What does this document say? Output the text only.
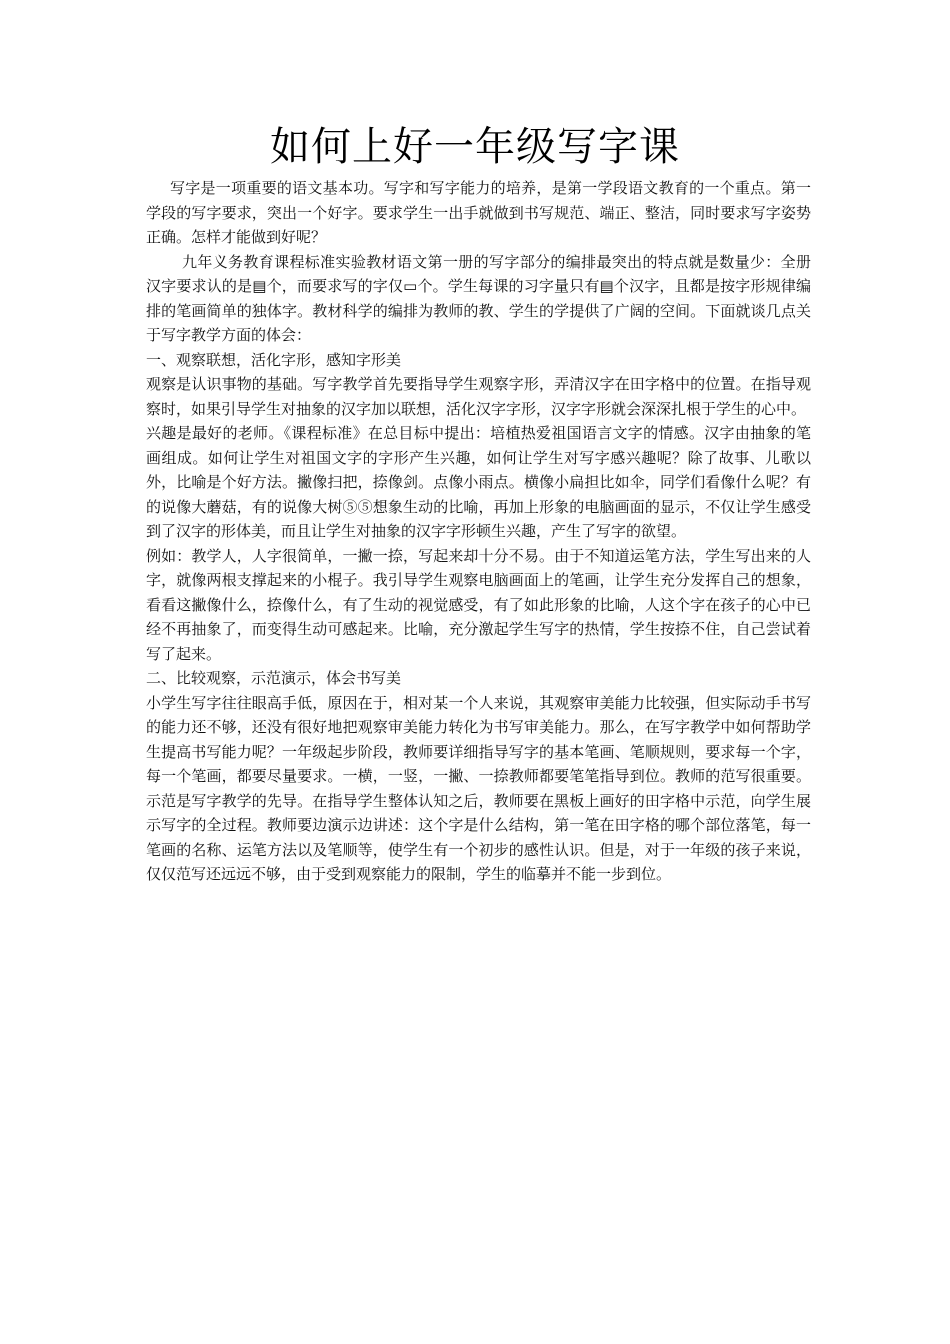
如何上好一年级写字课

写字是一项重要的语文基本功。写字和写字能力的培养，是第一学段语文教育的一个重点。第一学段的写字要求，突出一个好字。要求学生一出手就做到书写规范、端正、整洁，同时要求写字姿势正确。怎样才能做到好呢？

九年义务教育课程标准实验教材语文第一册的写字部分的编排最突出的特点就是数量少：全册汉字要求认的是▤个，而要求写的字仅▭个。学生每课的习字量只有▤个汉字，且都是按字形规律编排的笔画简单的独体字。教材科学的编排为教师的教、学生的学提供了广阔的空间。下面就谈几点关于写字教学方面的体会：

一、观察联想，活化字形，感知字形美

观察是认识事物的基础。写字教学首先要指导学生观察字形，弄清汉字在田字格中的位置。在指导观察时，如果引导学生对抽象的汉字加以联想，活化汉字字形，汉字字形就会深深扎根于学生的心中。

兴趣是最好的老师。《课程标准》在总目标中提出：培植热爱祖国语言文字的情感。汉字由抽象的笔画组成。如何让学生对祖国文字的字形产生兴趣，如何让学生对写字感兴趣呢？除了故事、儿歌以外，比喻是个好方法。撇像扫把，捺像剑。点像小雨点。横像小扁担比如伞，同学们看像什么呢？有的说像大蘑菇，有的说像大树⑤⑤想象生动的比喻，再加上形象的电脑画面的显示，不仅让学生感受到了汉字的形体美，而且让学生对抽象的汉字字形顿生兴趣，产生了写字的欲望。

例如：教学人，人字很简单，一撇一捺，写起来却十分不易。由于不知道运笔方法，学生写出来的人字，就像两根支撑起来的小棍子。我引导学生观察电脑画面上的笔画，让学生充分发挥自己的想象，看看这撇像什么，捺像什么，有了生动的视觉感受，有了如此形象的比喻，人这个字在孩子的心中已经不再抽象了，而变得生动可感起来。比喻，充分激起学生写字的热情，学生按捺不住，自己尝试着写了起来。

二、比较观察，示范演示，体会书写美

小学生写字往往眼高手低，原因在于，相对某一个人来说，其观察审美能力比较强，但实际动手书写的能力还不够，还没有很好地把观察审美能力转化为书写审美能力。那么，在写字教学中如何帮助学生提高书写能力呢？一年级起步阶段，教师要详细指导写字的基本笔画、笔顺规则，要求每一个字，每一个笔画，都要尽量要求。一横，一竖，一撇、一捺教师都要笔笔指导到位。教师的范写很重要。示范是写字教学的先导。在指导学生整体认知之后，教师要在黑板上画好的田字格中示范，向学生展示写字的全过程。教师要边演示边讲述：这个字是什么结构，第一笔在田字格的哪个部位落笔，每一笔画的名称、运笔方法以及笔顺等，使学生有一个初步的感性认识。但是，对于一年级的孩子来说，仅仅范写还远远不够，由于受到观察能力的限制，学生的临摹并不能一步到位。
